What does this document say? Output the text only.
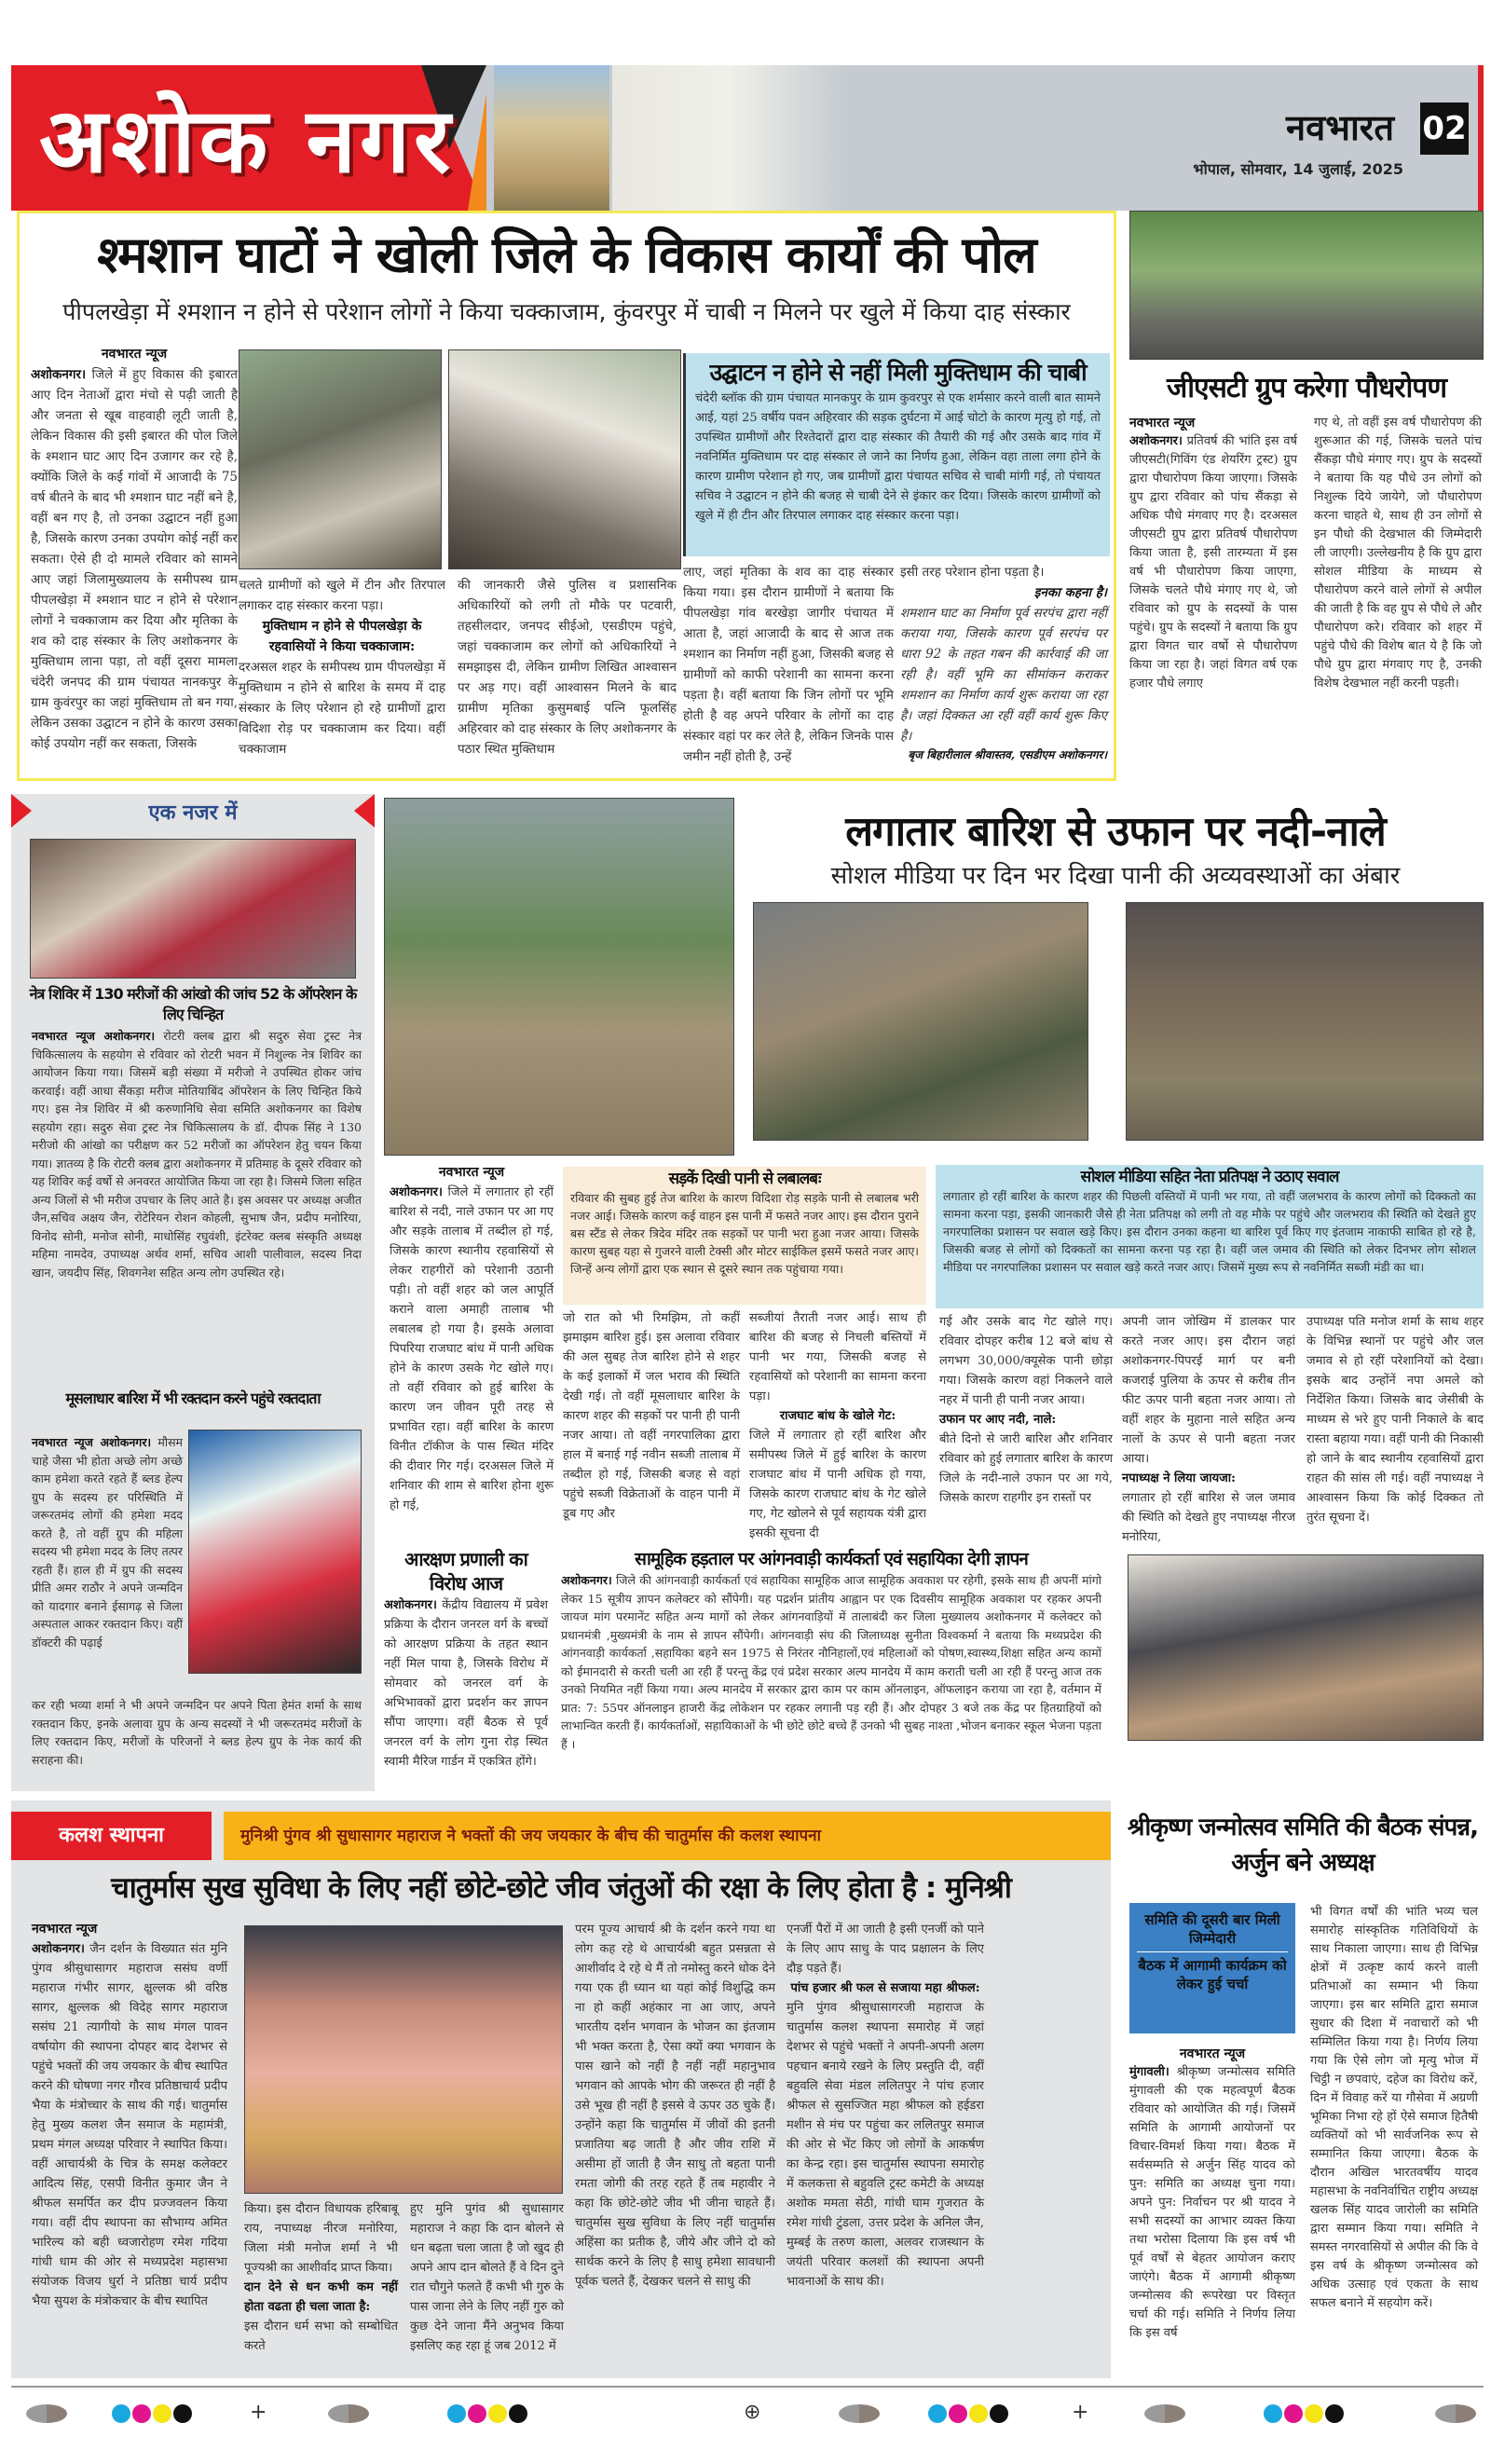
अशोक नगर	नवभारत 02
भोपाल, सोमवार, 14 जुलाई, 2025
श्मशान घाटों ने खोली जिले के विकास कार्यों की पोल
पीपलखेड़ा में श्मशान न होने से परेशान लोगों ने किया चक्काजाम, कुंवरपुर में चाबी न मिलने पर खुले में किया दाह संस्कार
नवभारत न्यूज
अशोकनगर। जिले में हुए विकास की इबारत आए दिन नेताओं द्वारा मंचो से पढ़ी जाती है और जनता से खूब वाहवाही लूटी जाती है, लेकिन विकास की इसी इबारत की पोल जिले के श्मशान घाट आए दिन उजागर कर रहे है, क्योंकि जिले के कई गांवों में आजादी के 75 वर्ष बीतने के बाद भी श्मशान घाट नहीं बने है, वहीं बन गए है, तो उनका उद्घाटन नहीं हुआ है, जिसके कारण उनका उपयोग कोई नहीं कर सकता। ऐसे ही दो मामले रविवार को सामने आए जहां जिलामुख्यालय के समीपस्थ ग्राम पीपलखेड़ा में श्मशान घाट न होने से परेशान लोगों ने चक्काजाम कर दिया और मृतिका के शव को दाह संस्कार के लिए अशोकनगर के मुक्तिधाम लाना पड़ा, तो वहीं दूसरा मामला चंदेरी जनपद की ग्राम पंचायत नानकपुर के ग्राम कुवंरपुर का जहां मुक्तिधाम तो बन गया, लेकिन उसका उद्घाटन न होने के कारण उसका कोई उपयोग नहीं कर सकता, जिसके
चलते ग्रामीणों को खुले में टीन और तिरपाल लगाकर दाह संस्कार करना पड़ा।
मुक्तिधाम न होने से पीपलखेड़ा के रहवासियों ने किया चक्काजाम:
दरअसल शहर के समीपस्थ ग्राम पीपलखेड़ा में मुक्तिधाम न होने से बारिश के समय में दाह संस्कार के लिए परेशान हो रहे ग्रामीणों द्वारा विदिशा रोड़ पर चक्काजाम कर दिया। वहीं चक्काजाम
की जानकारी जैसे पुलिस व प्रशासनिक अधिकारियों को लगी तो मौके पर पटवारी, तहसीलदार, जनपद सीईओ, एसडीएम पहुंचे, जहां चक्काजाम कर लोगों को अधिकारियों ने समझाइस दी, लेकिन ग्रामीण लिखित आश्वासन पर अड़ गए। वहीं आश्वासन मिलने के बाद ग्रामीण मृतिका कुसुमबाई पत्नि फूलसिंह अहिरवार को दाह संस्कार के लिए अशोकनगर के पठार स्थित मुक्तिधाम
उद्घाटन न होने से नहीं मिली मुक्तिधाम की चाबी
चंदेरी ब्लॉक की ग्राम पंचायत मानकपुर के ग्राम कुवरपुर से एक शर्मसार करने वाली बात सामने आई, यहां 25 वर्षीय पवन अहिरवार की सड़क दुर्घटना में आई चोटो के कारण मृत्यु हो गई, तो उपस्थित ग्रामीणों और रिश्तेदारों द्वारा दाह संस्कार की तैयारी की गई और उसके बाद गांव में नवनिर्मित मुक्तिधाम पर दाह संस्कार ले जाने का निर्णय हुआ, लेकिन वहा ताला लगा होने के कारण ग्रामीण परेशान हो गए, जब ग्रामीणों द्वारा पंचायत सचिव से चाबी मांगी गई, तो पंचायत सचिव ने उद्घाटन न होने की बजह से चाबी देने से इंकार कर दिया। जिसके कारण ग्रामीणों को खुले में ही टीन और तिरपाल लगाकर दाह संस्कार करना पड़ा।
लाए, जहां मृतिका के शव का दाह संस्कार किया गया। इस दौरान ग्रामीणों ने बताया कि पीपलखेड़ा गांव बरखेड़ा जागीर पंचायत में आता है, जहां आजादी के बाद से आज तक श्मशान का निर्माण नहीं हुआ, जिसकी बजह से ग्रामीणों को काफी परेशानी का सामना करना पड़ता है। वहीं बताया कि जिन लोगों पर भूमि होती है वह अपने परिवार के लोगों का दाह संस्कार वहां पर कर लेते है, लेकिन जिनके पास जमीन नहीं होती है, उन्हें
इसी तरह परेशान होना पड़ता है।
इनका कहना है।
शमशान घाट का निर्माण पूर्व सरपंच द्वारा नहीं कराया गया, जिसके कारण पूर्व सरपंच पर धारा 92 के तहत गबन की कार्रवाई की जा रही है। वहीं भूमि का सीमांकन कराकर शमशान का निर्माण कार्य शुरू कराया जा रहा है। जहां दिक्कत आ रहीं वहीं कार्य शुरू किए है।
बृज बिहारीलाल श्रीवास्तव, एसडीएम अशोकनगर।
जीएसटी ग्रुप करेगा पौधरोपण
नवभारत न्यूज
अशोकनगर। प्रतिवर्ष की भांति इस वर्ष जीएसटी(गिविंग एंड शेयरिंग ट्रस्ट) ग्रुप द्वारा पौधारोपण किया जाएगा। जिसके ग्रुप द्वारा रविवार को पांच सैंकड़ा से अधिक पौधे मंगवाए गए है। दरअसल जीएसटी ग्रुप द्वारा प्रतिवर्ष पौधारोपण किया जाता है, इसी तारम्यता में इस वर्ष भी पौधारोपण किया जाएगा, जिसके चलते पौधे मंगाए गए थे, जो रविवार को ग्रुप के सदस्यों के पास पहुंचे। ग्रुप के सदस्यों ने बताया कि ग्रुप द्वारा विगत चार वर्षो से पौधारोपण किया जा रहा है। जहां विगत वर्ष एक हजार पौधे लगाए
गए थे, तो वहीं इस वर्ष पौधारोपण की शुरूआत की गई, जिसके चलते पांच सैंकड़ा पौधे मंगाए गए। ग्रुप के सदस्यों ने बताया कि यह पौधे उन लोगों को निशुल्क दिये जायेगे, जो पौधारोपण करना चाहते थे, साथ ही उन लोगों से इन पौधो की देखभाल की जिम्मेदारी ली जाएगी। उल्लेखनीय है कि ग्रुप द्वारा सोशल मीडिया के माध्यम से पौधारोपण करने वाले लोगों से अपील की जाती है कि वह ग्रुप से पौधे ले और पौधारोपण करे। रविवार को शहर में पहुंचे पौधे की विशेष बात ये है कि जो पौधे ग्रुप द्वारा मंगवाए गए है, उनकी विशेष देखभाल नहीं करनी पड़ती।
एक नजर में
नेत्र शिविर में 130 मरीजों की आंखो की जांच 52 के ऑपरेशन के लिए चिन्हित
नवभारत न्यूज अशोकनगर। रोटरी क्लब द्वारा श्री सदुरु सेवा ट्रस्ट नेत्र चिकित्सालय के सहयोग से रविवार को रोटरी भवन में निशुल्क नेत्र शिविर का आयोजन किया गया। जिसमें बड़ी संख्या में मरीजो ने उपस्थित होकर जांच करवाई। वहीं आधा सैंकड़ा मरीज मोतियाबिंद ऑपरेशन के लिए चिन्हित किये गए। इस नेत्र शिविर में श्री करुणानिधि सेवा समिति अशोकनगर का विशेष सहयोग रहा। सदुरु सेवा ट्रस्ट नेत्र चिकित्सालय के डॉ. दीपक सिंह ने 130 मरीजो की आंखो का परीक्षण कर 52 मरीजों का ऑपरेशन हेतु चयन किया गया। ज्ञातव्य है कि रोटरी क्लब द्वारा अशोकनगर में प्रतिमाह के दूसरे रविवार को यह शिविर कई वर्षो से अनवरत आयोजित किया जा रहा है। जिसमे जिला सहित अन्य जिलों से भी मरीज उपचार के लिए आते है। इस अवसर पर अध्यक्ष अजीत जैन,सचिव अक्षय जैन, रोटेरियन रोशन कोहली, सुभाष जैन, प्रदीप मनोरिया, विनोद सोनी, मनोज सोनी, माधोसिंह रघुवंशी, इंटरेक्ट क्लब संस्कृति अध्यक्ष महिमा नामदेव, उपाध्यक्ष अर्थव शर्मा, सचिव आशी पालीवाल, सदस्य निदा खान, जयदीप सिंह, शिवगनेश सहित अन्य लोग उपस्थित रहे।
मूसलाधार बारिश में भी रक्तदान करने पहुंचे रक्तदाता
नवभारत न्यूज अशोकनगर। मौसम चाहे जैसा भी होता अच्छे लोग अच्छे काम हमेशा करते रहते हैं ब्लड हेल्प ग्रुप के सदस्य हर परिस्थिति में जरूरतमंद लोगों की हमेशा मदद करते है, तो वहीं ग्रुप की महिला सदस्य भी हमेशा मदद के लिए तत्पर रहती हैं। हाल ही में ग्रुप की सदस्य प्रीति अमर राठौर ने अपने जन्मदिन को यादगार बनाने ईसागढ़ से जिला अस्पताल आकर रक्तदान किए। वहीं डॉक्टरी की पढ़ाई
कर रही भव्या शर्मा ने भी अपने जन्मदिन पर अपने पिता हेमंत शर्मा के साथ रक्तदान किए, इनके अलावा ग्रुप के अन्य सदस्यों ने भी जरूरतमंद मरीजों के लिए रक्तदान किए, मरीजों के परिजनों ने ब्लड हेल्प ग्रुप के नेक कार्य की सराहना की।
लगातार बारिश से उफान पर नदी-नाले
सोशल मीडिया पर दिन भर दिखा पानी की अव्यवस्थाओं का अंबार
नवभारत न्यूज
अशोकनगर। जिले में लगातार हो रहीं बारिश से नदी, नाले उफान पर आ गए और सड़के तालाब में तब्दील हो गई, जिसके कारण स्थानीय रहवासियों से लेकर राहगीरों को परेशानी उठानी पड़ी। तो वहीं शहर को जल आपूर्ति कराने वाला अमाही तालाब भी लबालब हो गया है। इसके अलावा पिपरिया राजघाट बांध में पानी अधिक होने के कारण उसके गेट खोले गए। तो वहीं रविवार को हुई बारिश के कारण जन जीवन पूरी तरह से प्रभावित रहा। वहीं बारिश के कारण विनीत टॉकीज के पास स्थित मंदिर की दीवार गिर गई। दरअसल जिले में शनिवार की शाम से बारिश होना शुरू हो गई,
सड़कें दिखी पानी से लबालबः
रविवार की सुबह हुई तेज बारिश के कारण विदिशा रोड़ सड़के पानी से लबालब भरी नजर आई। जिसके कारण कई वाहन इस पानी में फसते नजर आए। इस दौरान पुराने बस स्टैंड से लेकर त्रिदेव मंदिर तक सड़कों पर पानी भरा हुआ नजर आया। जिसके कारण सुबह यहा से गुजरने वाली टेक्सी और मोटर साईकिल इसमें फसते नजर आए। जिन्हें अन्य लोगों द्वारा एक स्थान से दूसरे स्थान तक पहुंचाया गया।
जो रात को भी रिमझिम, तो कहीं झमाझम बारिश हुई। इस अलावा रविवार की अल सुबह तेज बारिश होने से शहर के कई इलाकों में जल भराव की स्थिति देखी गई। तो वहीं मूसलाधार बारिश के कारण शहर की सड़कों पर पानी ही पानी नजर आया। तो वहीं नगरपालिका द्वारा हाल में बनाई गई नवीन सब्जी तालाब में तब्दील हो गई, जिसकी बजह से वहां पहुंचे सब्जी विक्रेताओं के वाहन पानी में डूब गए और
सब्जीयां तैराती नजर आई। साथ ही बारिश की बजह से निचली बस्तियों में पानी भर गया, जिसकी बजह से रहवासियों को परेशानी का सामना करना पड़ा।
राजघाट बांध के खोले गेट:
जिले में लगातार हो रहीं बारिश और समीपस्थ जिले में हुई बारिश के कारण राजघाट बांध में पानी अधिक हो गया, जिसके कारण राजघाट बांध के गेट खोले गए, गेट खोलने से पूर्व सहायक यंत्री द्वारा इसकी सूचना दी
सोशल मीडिया सहित नेता प्रतिपक्ष ने उठाए सवाल
लगातार हो रहीं बारिश के कारण शहर की पिछली वस्तियों में पानी भर गया, तो वहीं जलभराव के कारण लोगों को दिक्कतो का सामना करना पड़ा, इसकी जानकारी जैसे ही नेता प्रतिपक्ष को लगी तो वह मौके पर पहुंचे और जलभराव की स्थिति को देखते हुए नगरपालिका प्रशासन पर सवाल खड़े किए। इस दौरान उनका कहना था बारिश पूर्व किए गए इंतजाम नाकाफी साबित हो रहे है, जिसकी बजह से लोगों को दिक्कतों का सामना करना पड़ रहा है। वहीं जल जमाव की स्थिति को लेकर दिनभर लोग सोशल मीडिया पर नगरपालिका प्रशासन पर सवाल खड़े करते नजर आए। जिसमें मुख्य रूप से नवनिर्मित सब्जी मंडी का था।
गई और उसके बाद गेट खोले गए। रविवार दोपहर करीब 12 बजे बांध से लगभग 30,000/क्यूसेक पानी छोड़ा गया। जिसके कारण वहां निकलने वाले नहर में पानी ही पानी नजर आया।
उफान पर आए नदी, नाले:
बीते दिनो से जारी बारिश और शनिवार रविवार को हुई लगातार बारिश के कारण जिले के नदी-नाले उफान पर आ गये, जिसके कारण राहगीर इन रास्तों पर
अपनी जान जोखिम में डालकर पार करते नजर आए। इस दौरान जहां अशोकनगर-पिपरई मार्ग पर बनी कजराई पुलिया के ऊपर से करीब तीन फीट ऊपर पानी बहता नजर आया। तो वहीं शहर के मुहाना नाले सहित अन्य नालों के ऊपर से पानी बहता नजर आया।
नपाध्यक्ष ने लिया जायजा:
लगातार हो रहीं बारिश से जल जमाव की स्थिति को देखते हुए नपाध्यक्ष नीरज मनोरिया,
उपाध्यक्ष पति मनोज शर्मा के साथ शहर के विभिन्न स्थानों पर पहुंचे और जल जमाव से हो रहीं परेशानियों को देखा। इसके बाद उन्होंनें नपा अमले को निर्देशित किया। जिसके बाद जेसीबी के माध्यम से भरे हुए पानी निकाले के बाद रास्ता बहाया गया। वहीं पानी की निकासी हो जाने के बाद स्थानीय रहवासियों द्वारा राहत की सांस ली गई। वहीं नपाध्यक्ष ने आश्वासन किया कि कोई दिक्कत तो तुरंत सूचना दें।
आरक्षण प्रणाली का विरोध आज
अशोकनगर। केंद्रीय विद्यालय में प्रवेश प्रक्रिया के दौरान जनरल वर्ग के बच्चों को आरक्षण प्रक्रिया के तहत स्थान नहीं मिल पाया है, जिसके विरोध में सोमवार को जनरल वर्ग के अभिभावकों द्वारा प्रदर्शन कर ज्ञापन सौंपा जाएगा। वहीं बैठक से पूर्व जनरल वर्ग के लोग गुना रोड़ स्थित स्वामी मैरिज गार्डन में एकत्रित होंगे।
सामूहिक हड़ताल पर आंगनवाड़ी कार्यकर्ता एवं सहायिका देगी ज्ञापन
अशोकनगर। जिले की आंगनवाड़ी कार्यकर्ता एवं सहायिका सामूहिक आज सामूहिक अवकाश पर रहेगी, इसके साथ ही अपनीं मांगो लेकर 15 सूत्रीय ज्ञापन कलेक्टर को सौंपेगी। यह पद्रर्शन प्रांतीय आह्वान पर एक दिवसीय सामूहिक अवकाश पर रहकर अपनी जायज मांग परमानेंट सहित अन्य मागों को लेकर आंगनवाड़ियों में तालाबंदी कर जिला मुख्यालय अशोकनगर में कलेक्टर को प्रधानमंत्री ,मुख्यमंत्री के नाम से ज्ञापन सौंपेगी। आंगनवाड़ी संघ की जिलाध्यक्ष सुनीता विश्वकर्मा ने बताया कि मध्यप्रदेश की आंगनवाड़ी कार्यकर्ता ,सहायिका बहने सन 1975 से निरंतर नौनिहालों,एवं महिलाओं को पोषण,स्वास्थ्य,शिक्षा सहित अन्य कामों को ईमानदारी से करती चली आ रही हैं परन्तु केंद्र एवं प्रदेश सरकार अल्प मानदेय में काम कराती चली आ रही हैं परन्तु आज तक उनको नियमित नहीं किया गया। अल्प मानदेय में सरकार द्वारा काम पर काम ऑनलाइन, ऑफलाइन कराया जा रहा है, वर्तमान में प्रात: 7: 55पर ऑनलाइन हाजरी केंद्र लोकेशन पर रहकर लगानी पड़ रही हैं। और दोपहर 3 बजे तक केंद्र पर हितग्राहियों को लाभान्वित करती हैं। कार्यकर्ताओं, सहायिकाओं के भी छोटे छोटे बच्चे हैं उनको भी सुबह नाश्ता ,भोजन बनाकर स्कूल भेजना पड़ता हैं ।
कलश स्थापना	मुनिश्री पुंगव श्री सुधासागर महाराज ने भक्तों की जय जयकार के बीच की चातुर्मास की कलश स्थापना
चातुर्मास सुख सुविधा के लिए नहीं छोटे-छोटे जीव जंतुओं की रक्षा के लिए होता है : मुनिश्री
नवभारत न्यूज
अशोकनगर। जैन दर्शन के विख्यात संत मुनि पुंगव श्रीसुधासागर महाराज ससंघ वर्णी महाराज गंभीर सागर, क्षुल्लक श्री वरिष्ठ सागर, क्षुल्लक श्री विदेह सागर महाराज ससंघ 21 त्यागीयो के साथ मंगल पावन वर्षायोग की स्थापना दोपहर बाद देशभर से पहुंचे भक्तों की जय जयकार के बीच स्थापित करने की घोषणा नगर गौरव प्रतिष्ठाचार्य प्रदीप भैया के मंत्रोच्चार के साथ की गई। चातुर्मास हेतु मुख्य कलश जैन समाज के महामंत्री, प्रथम मंगल अध्यक्ष परिवार ने स्थापित किया। वहीं आचार्यश्री के चित्र के समक्ष कलेक्टर आदित्य सिंह, एसपी विनीत कुमार जैन ने श्रीफल समर्पित कर दीप प्रज्जवलन किया गया। वहीं दीप स्थापना का सौभाग्य अमित भारिल्य को बही ध्वजारोहण रमेश गदिया गांधी धाम की ओर से मध्यप्रदेश महासभा संयोजक विजय धुर्रा ने प्रतिष्ठा चार्य प्रदीप भैया सुयश के मंत्रोकचार के बीच स्थापित
किया। इस दौरान विधायक हरिबाबू राय, नपाध्यक्ष नीरज मनोरिया, जिला मंत्री मनोज शर्मा ने भी पूज्यश्री का आशीर्वाद प्राप्त किया।
दान देने से धन कभी कम नहीं होता वढता ही चला जाता है:
इस दौरान धर्म सभा को सम्बोधित करते
हुए मुनि पुगंव श्री सुधासागर महाराज ने कहा कि दान बोलने से धन बढ़ता चला जाता है जो खुद ही अपने आप दान बोलते हैं वे दिन दुने रात चौगुने फलते हैं कभी भी गुरु के पास जाना लेने के लिए नहीं गुरु को कुछ देने जाना मैंने अनुभव किया इसलिए कह रहा हूं जब 2012 में
परम पूज्य आचार्य श्री के दर्शन करने गया था लोग कह रहे थे आचार्यश्री बहुत प्रसन्नता से आशीर्वाद दे रहे थे मैं तो नमोस्तु करने धोक देने गया एक ही ध्यान था यहां कोई विशुद्धि कम ना हो कहीं अहंकार ना आ जाए, अपने भारतीय दर्शन भगवान के भोजन का इंतजाम भी भक्त करता है, ऐसा क्यों क्या भगवान के पास खाने को नहीं है नहीं नहीं महानुभाव भगवान को आपके भोग की जरूरत ही नहीं है उसे भूख ही नहीं है इससे वे ऊपर उठ चुके हैं। उन्होंने कहा कि चातुर्मास में जीवों की इतनी प्रजातिया बढ़ जाती है और जीव राशि में असीमा हों जाती है जैन साधु तो बहता पानी रमता जोगी की तरह रहते हैं तब महावीर ने कहा कि छोटे-छोटे जीव भी जीना चाहते हैं। चातुर्मास सुख सुविधा के लिए नहीं चातुर्मास अहिंसा का प्रतीक है, जीये और जीने दो को सार्थक करने के लिए है साधु हमेशा सावधानी पूर्वक चलते हैं, देखकर चलने से साधु की
एनर्जी पैरों में आ जाती है इसी एनर्जी को पाने के लिए आप साधु के पाद प्रक्षालन के लिए दौड़ पड़ते हैं।
पांच हजार श्री फल से सजाया महा श्रीफल:
मुनि पुंगव श्रीसुधासागरजी महाराज के चातुर्मास कलश स्थापना समारोह में जहां देशभर से पहुंचे भक्तों ने अपनी-अपनी अलग पहचान बनाये रखने के लिए प्रस्तुति दी, वहीं बहुवलि सेवा मंडल ललितपुर ने पांच हजार श्रीफल से सुसज्जित महा श्रीफल को हईडरा मशीन से मंच पर पहुंचा कर ललितपुर समाज की ओर से भेंट किए जो लोगों के आकर्षण का केन्द्र रहा। इस चातुर्मास स्थापना समारोह में कलकत्ता से बहुवलि ट्रस्ट कमेटी के अध्यक्ष अशोक ममता सेठी, गांधी घाम गुजरात के रमेश गांधी टुंडला, उत्तर प्रदेश के अनिल जैन, मुम्बई के तरुण काला, अलवर राजस्थान के जयंती परिवार कलशों की स्थापना अपनी भावनाओं के साथ की।
श्रीकृष्ण जन्मोत्सव समिति की बैठक संपन्न, अर्जुन बने अध्यक्ष
समिति की दूसरी बार मिली जिम्मेदारी
बैठक में आगामी कार्यक्रम को लेकर हुई चर्चा
नवभारत न्यूज
मुंगावली। श्रीकृष्ण जन्मोत्सव समिति मुंगावली की एक महत्वपूर्ण बैठक रविवार को आयोजित की गई। जिसमें समिति के आगामी आयोजनों पर विचार-विमर्श किया गया। बैठक में सर्वसम्मति से अर्जुन सिंह यादव को पुन: समिति का अध्यक्ष चुना गया। अपने पुन: निर्वाचन पर श्री यादव ने सभी सदस्यों का आभार व्यक्त किया तथा भरोसा दिलाया कि इस वर्ष भी पूर्व वर्षों से बेहतर आयोजन कराए जाएंगे। बैठक में आगामी श्रीकृष्ण जन्मोत्सव की रूपरेखा पर विस्तृत चर्चा की गई। समिति ने निर्णय लिया कि इस वर्ष
भी विगत वर्षों की भांति भव्य चल समारोह सांस्कृतिक गतिविधियों के साथ निकाला जाएगा। साथ ही विभिन्न क्षेत्रों में उत्कृष्ट कार्य करने वाली प्रतिभाओं का सम्मान भी किया जाएगा। इस बार समिति द्वारा समाज सुधार की दिशा में नवाचारों को भी सम्मिलित किया गया है। निर्णय लिया गया कि ऐसे लोग जो मृत्यु भोज में चिट्ठी न छपवाएं, दहेज का विरोध करें, दिन में विवाह करें या गौसेवा में अग्रणी भूमिका निभा रहे हों ऐसे समाज हितैषी व्यक्तियों को भी सार्वजनिक रूप से सम्मानित किया जाएगा। बैठक के दौरान अखिल भारतवर्षीय यादव महासभा के नवनिर्वाचित राष्ट्रीय अध्यक्ष खलक सिंह यादव जारोली का समिति द्वारा सम्मान किया गया। समिति ने समस्त नगरवासियों से अपील की कि वे इस वर्ष के श्रीकृष्ण जन्मोत्सव को अधिक उत्साह एवं एकता के साथ सफल बनाने में सहयोग करें।
+	⊕	+
